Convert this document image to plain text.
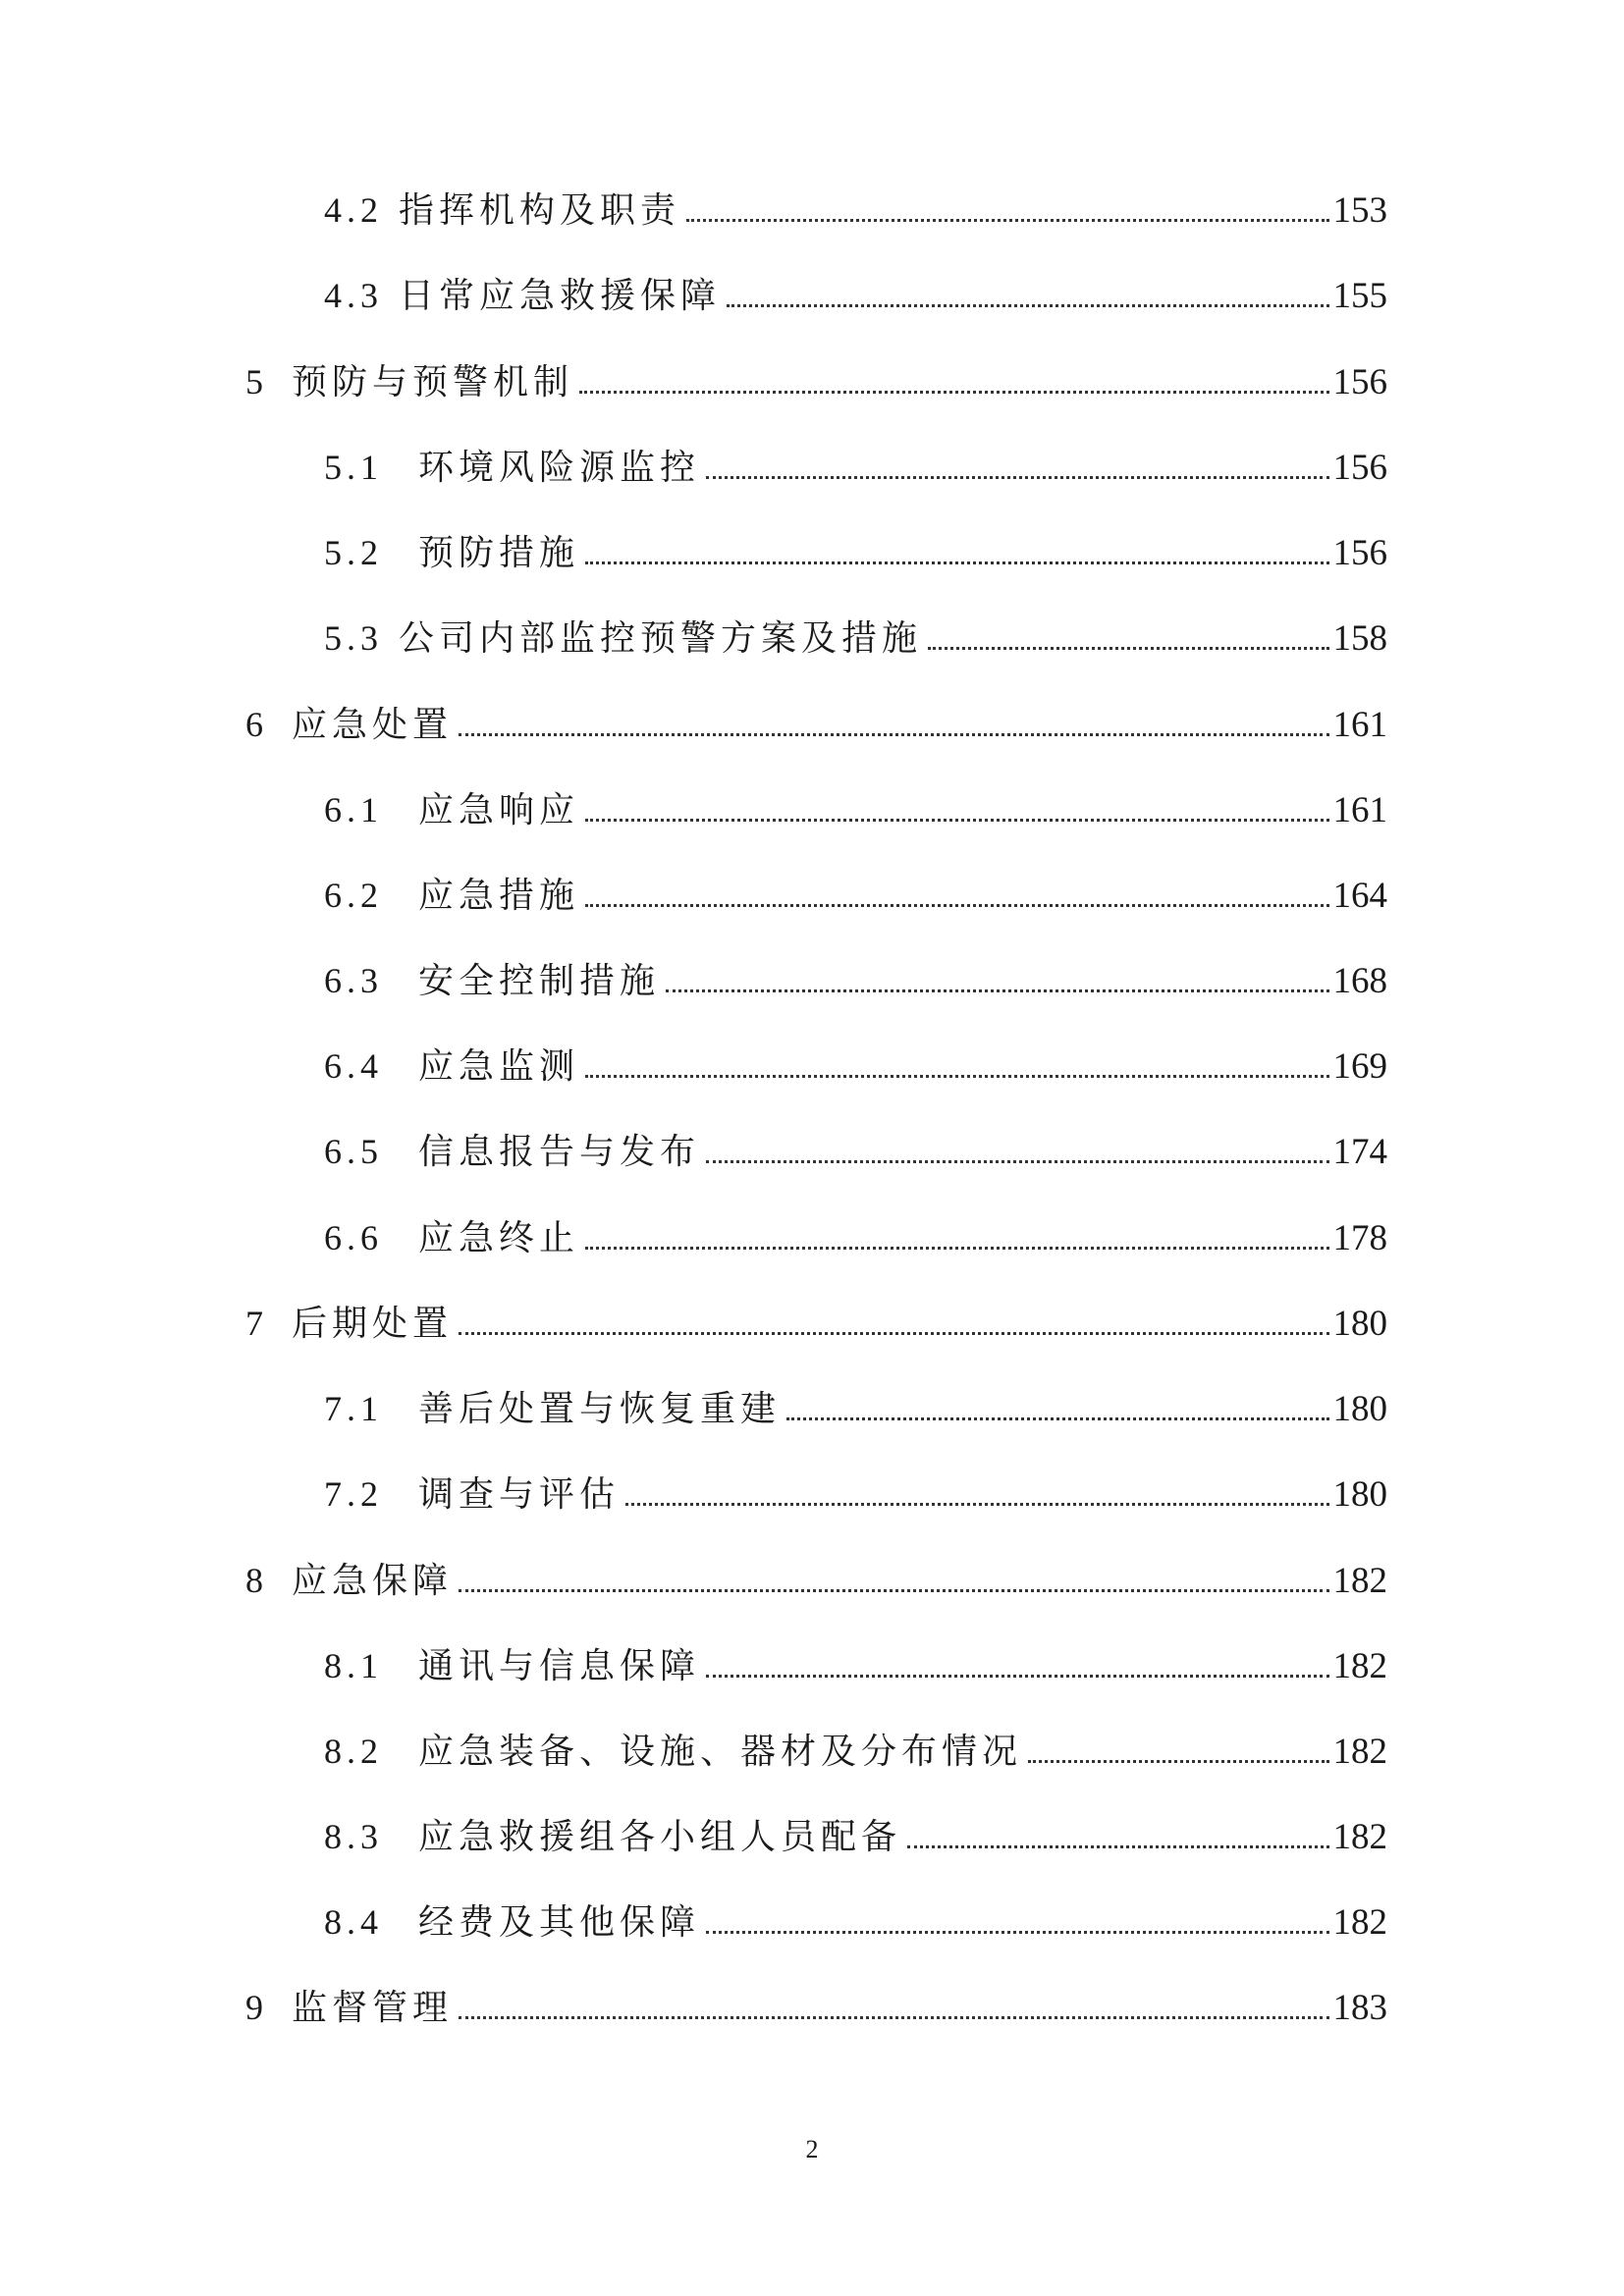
4.2 指挥机构及职责	153
4.3 日常应急救援保障	155
5 预防与预警机制	156
5.1 环境风险源监控	156
5.2 预防措施	156
5.3 公司内部监控预警方案及措施	158
6 应急处置	161
6.1 应急响应	161
6.2 应急措施	164
6.3 安全控制措施	168
6.4 应急监测	169
6.5 信息报告与发布	174
6.6 应急终止	178
7 后期处置	180
7.1 善后处置与恢复重建	180
7.2 调查与评估	180
8 应急保障	182
8.1 通讯与信息保障	182
8.2 应急装备、设施、器材及分布情况	182
8.3 应急救援组各小组人员配备	182
8.4 经费及其他保障	182
9 监督管理	183
2
